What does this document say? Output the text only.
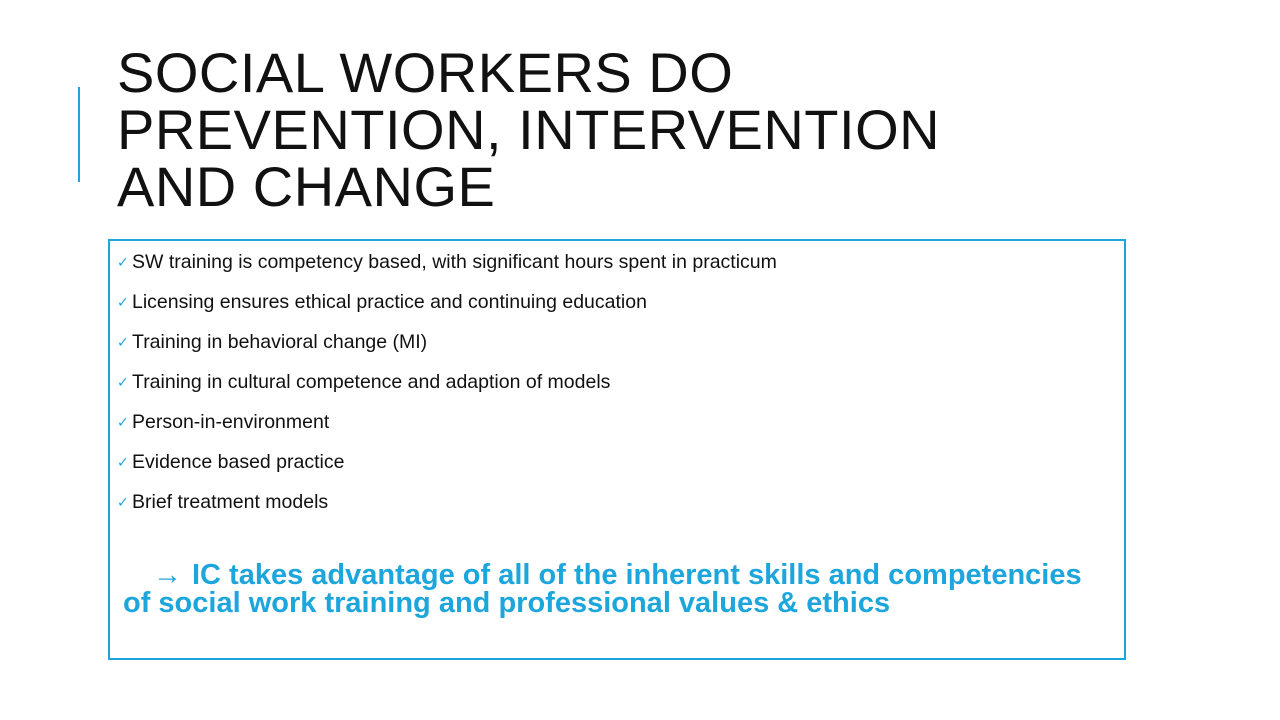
SOCIAL WORKERS DO
PREVENTION, INTERVENTION
AND CHANGE
✓ SW training is competency based, with significant hours spent in practicum
✓ Licensing ensures ethical practice and continuing education
✓ Training in behavioral change (MI)
✓ Training in cultural competence and adaption of models
✓ Person-in-environment
✓ Evidence based practice
✓ Brief treatment models

→ IC takes advantage of all of the inherent skills and competencies of social work training and professional values & ethics
